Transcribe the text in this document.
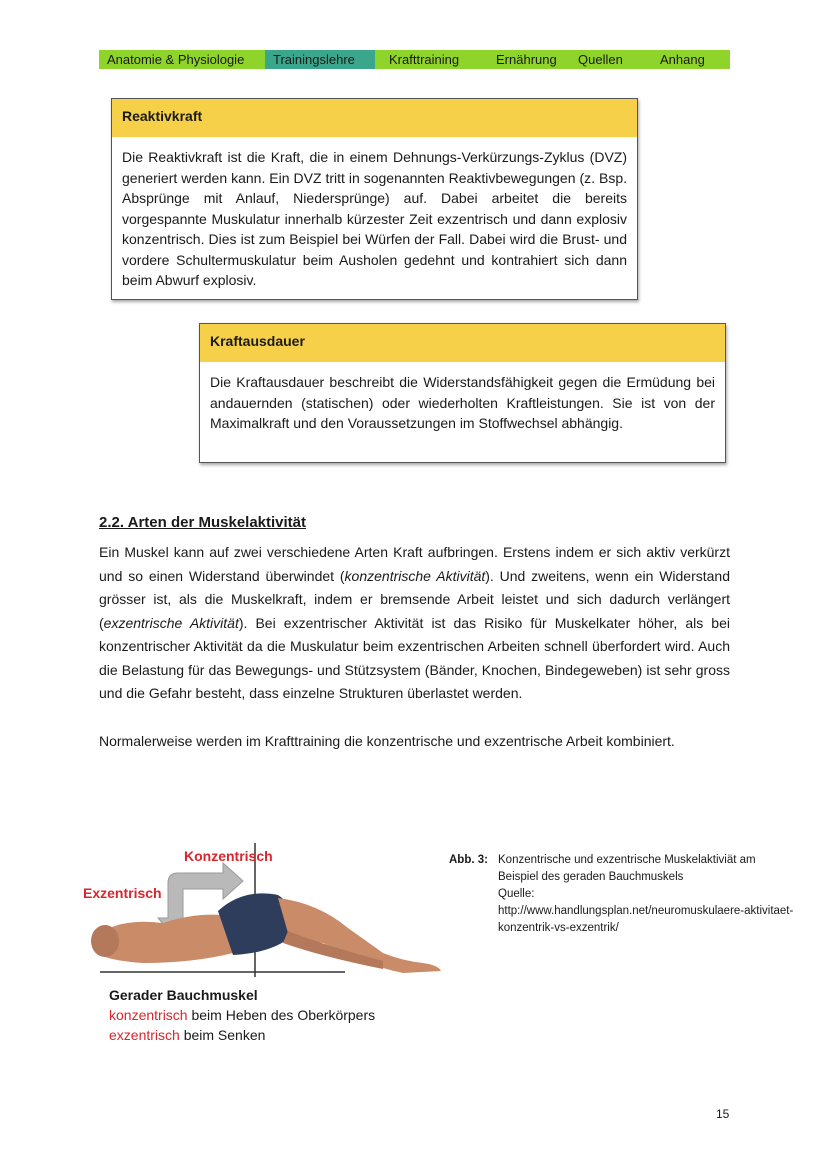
Anatomie & Physiologie	Trainingslehre	Krafttraining	Ernährung	Quellen	Anhang
Reaktivkraft
Die Reaktivkraft ist die Kraft, die in einem Dehnungs-Verkürzungs-Zyklus (DVZ) generiert werden kann. Ein DVZ tritt in sogenannten Reaktivbewegungen (z. Bsp. Absprünge mit Anlauf, Niedersprünge) auf. Dabei arbeitet die bereits vorgespannte Muskulatur innerhalb kürzester Zeit exzentrisch und dann explosiv konzentrisch. Dies ist zum Beispiel bei Würfen der Fall. Dabei wird die Brust- und vordere Schultermuskulatur beim Ausholen gedehnt und kontrahiert sich dann beim Abwurf explosiv.
Kraftausdauer
Die Kraftausdauer beschreibt die Widerstandsfähigkeit gegen die Ermüdung bei andauernden (statischen) oder wiederholten Kraftleistungen. Sie ist von der Maximalkraft und den Voraussetzungen im Stoffwechsel abhängig.
2.2. Arten der Muskelaktivität

Ein Muskel kann auf zwei verschiedene Arten Kraft aufbringen. Erstens indem er sich aktiv verkürzt und so einen Widerstand überwindet (konzentrische Aktivität). Und zweitens, wenn ein Widerstand grösser ist, als die Muskelkraft, indem er bremsende Arbeit leistet und sich dadurch verlängert (exzentrische Aktivität). Bei exzentrischer Aktivität ist das Risiko für Muskelkater höher, als bei konzentrischer Aktivität da die Muskulatur beim exzentrischen Arbeiten schnell überfordert wird. Auch die Belastung für das Bewegungs- und Stützsystem (Bänder, Knochen, Bindegeweben) ist sehr gross und die Gefahr besteht, dass einzelne Strukturen überlastet werden.

Normalerweise werden im Krafttraining die konzentrische und exzentrische Arbeit kombiniert.

Konzentrisch
Exzentrisch
Abb. 3: Konzentrische und exzentrische Muskelaktiviät am Beispiel des geraden Bauchmuskels
Quelle:
http://www.handlungsplan.net/neuromuskulaere-aktivitaet-konzentrik-vs-exzentrik/
Gerader Bauchmuskel
konzentrisch beim Heben des Oberkörpers
exzentrisch beim Senken
15
